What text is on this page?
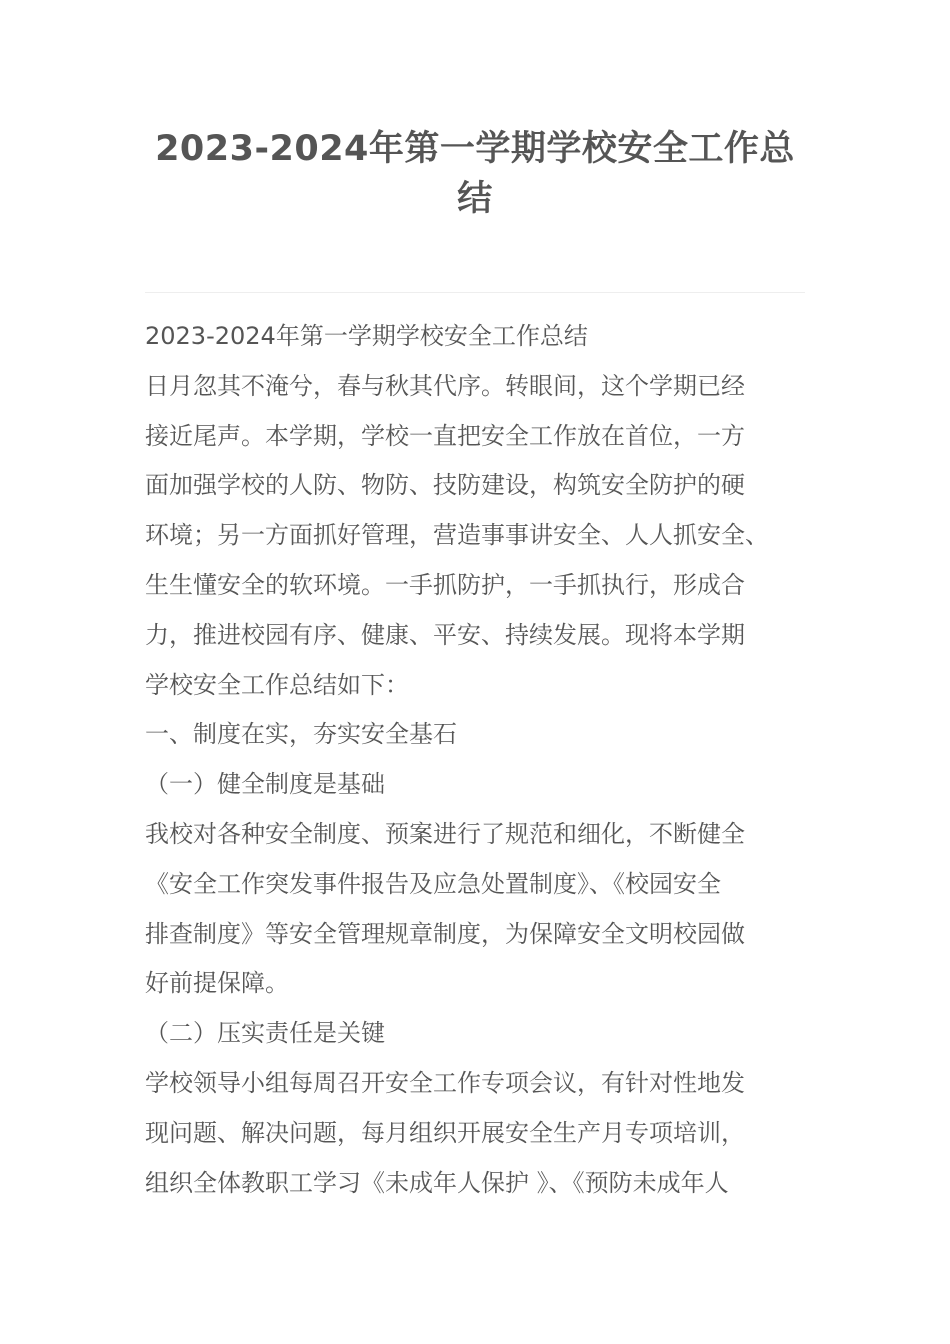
2023-2024年第一学期学校安全工作总
结
2023-2024年第一学期学校安全工作总结
日月忽其不淹兮，春与秋其代序。转眼间，这个学期已经
接近尾声。本学期，学校一直把安全工作放在首位，一方
面加强学校的人防、物防、技防建设，构筑安全防护的硬
环境；另一方面抓好管理，营造事事讲安全、人人抓安全、
生生懂安全的软环境。一手抓防护，一手抓执行，形成合
力，推进校园有序、健康、平安、持续发展。现将本学期
学校安全工作总结如下：
一、制度在实，夯实安全基石
（一）健全制度是基础
我校对各种安全制度、预案进行了规范和细化，不断健全
《安全工作突发事件报告及应急处置制度》、《校园安全
排查制度》等安全管理规章制度，为保障安全文明校园做
好前提保障。
（二）压实责任是关键
学校领导小组每周召开安全工作专项会议，有针对性地发
现问题、解决问题，每月组织开展安全生产月专项培训，
组织全体教职工学习《未成年人保护 》、《预防未成年人
